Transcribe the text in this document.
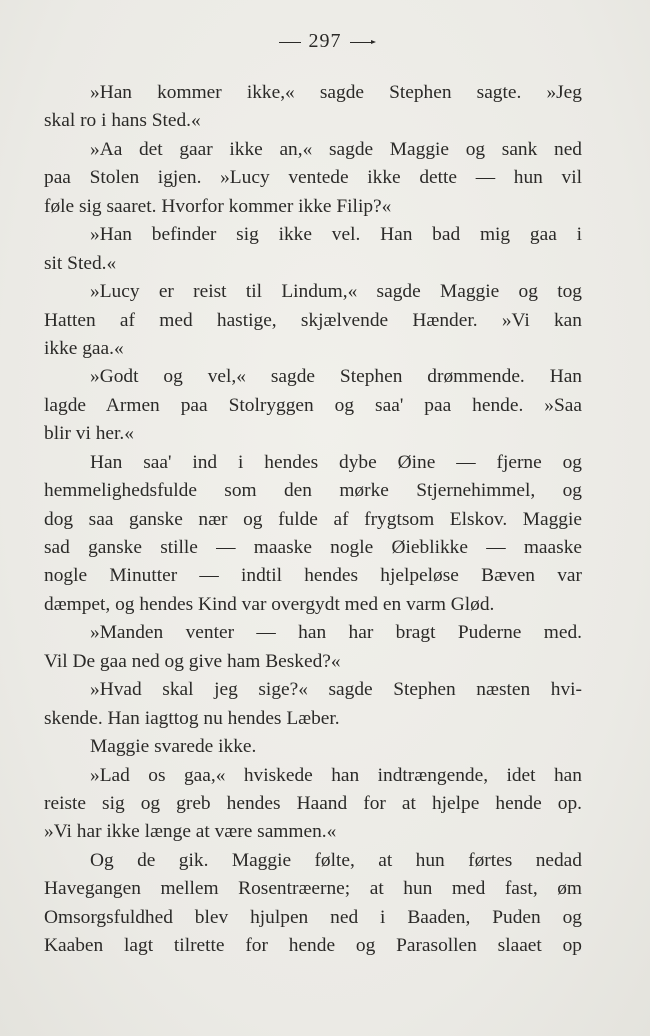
297
»Han kommer ikke,« sagde Stephen sagte. »Jeg
skal ro i hans Sted.«
»Aa det gaar ikke an,« sagde Maggie og sank ned
paa Stolen igjen. »Lucy ventede ikke dette — hun vil
føle sig saaret. Hvorfor kommer ikke Filip?«
»Han befinder sig ikke vel. Han bad mig gaa i
sit Sted.«
»Lucy er reist til Lindum,« sagde Maggie og tog
Hatten af med hastige, skjælvende Hænder. »Vi kan
ikke gaa.«
»Godt og vel,« sagde Stephen drømmende. Han
lagde Armen paa Stolryggen og saa' paa hende. »Saa
blir vi her.«
Han saa' ind i hendes dybe Øine — fjerne og
hemmelighedsfulde som den mørke Stjernehimmel, og
dog saa ganske nær og fulde af frygtsom Elskov. Maggie
sad ganske stille — maaske nogle Øieblikke — maaske
nogle Minutter — indtil hendes hjelpeløse Bæven var
dæmpet, og hendes Kind var overgydt med en varm Glød.
»Manden venter — han har bragt Puderne med.
Vil De gaa ned og give ham Besked?«
»Hvad skal jeg sige?« sagde Stephen næsten hvi-
skende. Han iagttog nu hendes Læber.
Maggie svarede ikke.
»Lad os gaa,« hviskede han indtrængende, idet han
reiste sig og greb hendes Haand for at hjelpe hende op.
»Vi har ikke længe at være sammen.«
Og de gik. Maggie følte, at hun førtes nedad
Havegangen mellem Rosentræerne; at hun med fast, øm
Omsorgsfuldhed blev hjulpen ned i Baaden, Puden og
Kaaben lagt tilrette for hende og Parasollen slaaet op
